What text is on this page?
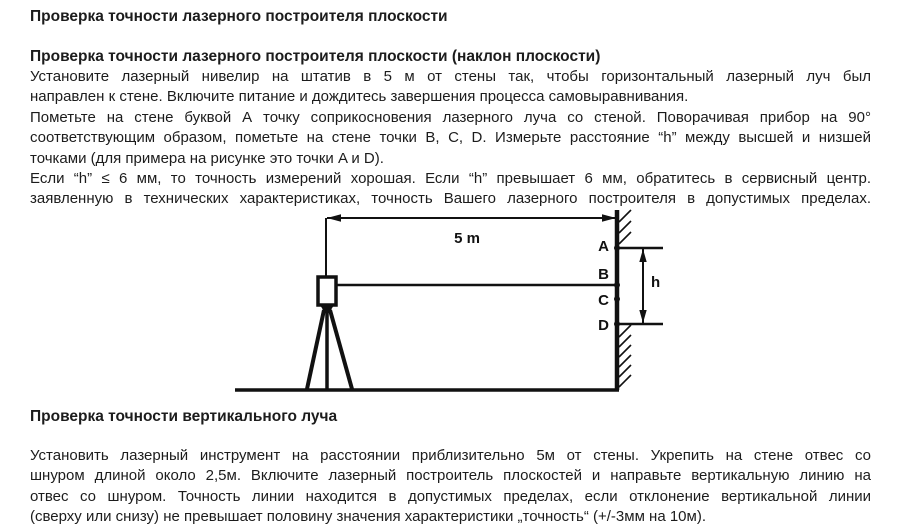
Проверка точности лазерного построителя плоскости
Проверка точности лазерного построителя плоскости (наклон плоскости)
Установите лазерный нивелир на штатив в 5 м от стены так, чтобы горизонтальный лазерный луч был
направлен к стене. Включите питание и дождитесь завершения процесса самовыравнивания.
Пометьте на стене буквой А точку соприкосновения лазерного луча со стеной. Поворачивая прибор на 90°
соответствующим образом, пометьте на стене точки B, C, D. Измерьте расстояние “h” между высшей и низшей
точками (для примера на рисунке это точки A и D).
Если “h” ≤ 6 мм, то точность измерений хорошая. Если “h” превышает 6 мм, обратитесь в сервисный центр.
заявленную в технических характеристиках, точность Вашего лазерного построителя в допустимых пределах.
5 m	A
B
C
D
h
Проверка точности вертикального луча
Установить лазерный инструмент на расстоянии приблизительно 5м от стены. Укрепить на стене отвес со
шнуром длиной около 2,5м. Включите лазерный построитель плоскостей и направьте вертикальную линию на
отвес со шнуром. Точность линии находится в допустимых пределах, если отклонение вертикальной линии
(сверху или снизу) не превышает половину значения характеристики „точность“ (+/-3мм на 10м).
